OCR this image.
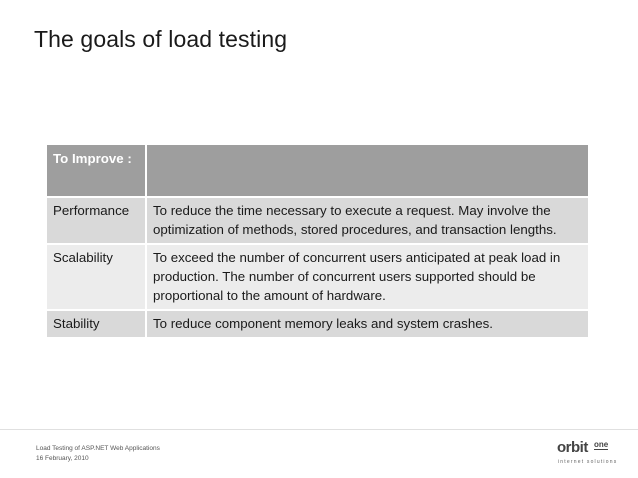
The goals of load testing
To Improve :	
Performance	To reduce the time necessary to execute a request. May involve the optimization of methods, stored procedures, and transaction lengths.
Scalability	To exceed the number of concurrent users anticipated at peak load in production. The number of concurrent users supported should be proportional to the amount of hardware.
Stability	To reduce component memory leaks and system crashes.
Load Testing of ASP.NET Web Applications
16 February, 2010
orbit one
internet solutions
